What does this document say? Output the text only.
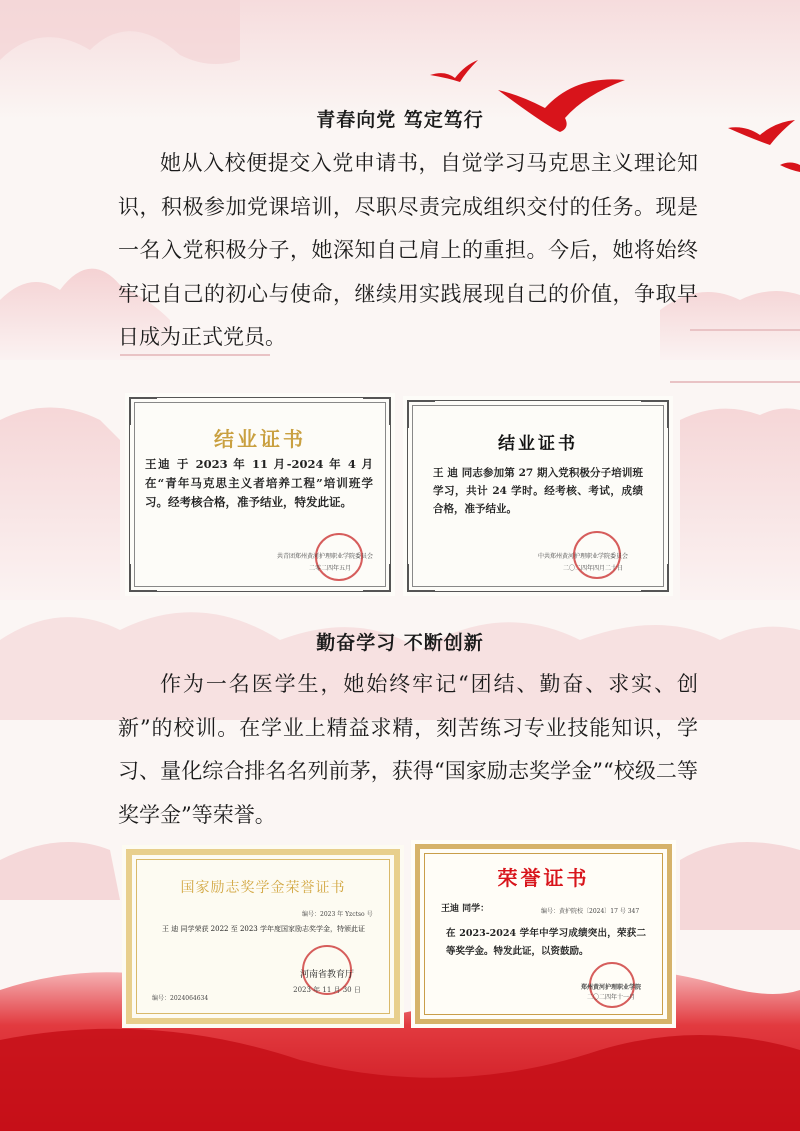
青春向党 笃定笃行

她从入校便提交入党申请书，自觉学习马克思主义理论知识，积极参加党课培训，尽职尽责完成组织交付的任务。现是一名入党积极分子，她深知自己肩上的重担。今后，她将始终牢记自己的初心与使命，继续用实践展现自己的价值，争取早日成为正式党员。

结业证书
王迪 于 2023 年 11 月-2024 年 4 月在“青年马克思主义者培养工程”培训班学习。经考核合格，准予结业，特发此证。
共青团郑州黄河护理职业学院委员会
二零二四年五月
结业证书
王 迪 同志参加第 27 期入党积极分子培训班学习，共计 24 学时。经考核、考试，成绩合格，准予结业。
中共郑州黄河护理职业学院委员会
二〇二四年四月二十日
勤奋学习 不断创新

作为一名医学生，她始终牢记“团结、勤奋、求实、创新”的校训。在学业上精益求精，刻苦练习专业技能知识，学习、量化综合排名名列前茅，获得“国家励志奖学金”“校级二等奖学金”等荣誉。

国家励志奖学金荣誉证书
编号：2023 年 Yzctso 号
王 迪 同学荣获 2022 至 2023 学年度国家励志奖学金，特颁此证
河南省教育厅
2023 年 11 月 30 日
编号：2024064634
荣誉证书
王迪 同学：	编号：黄护院校〔2024〕17 号 347
在 2023-2024 学年中学习成绩突出，荣获二等奖学金。特发此证，以资鼓励。
郑州黄河护理职业学院
二〇二四年十一月
